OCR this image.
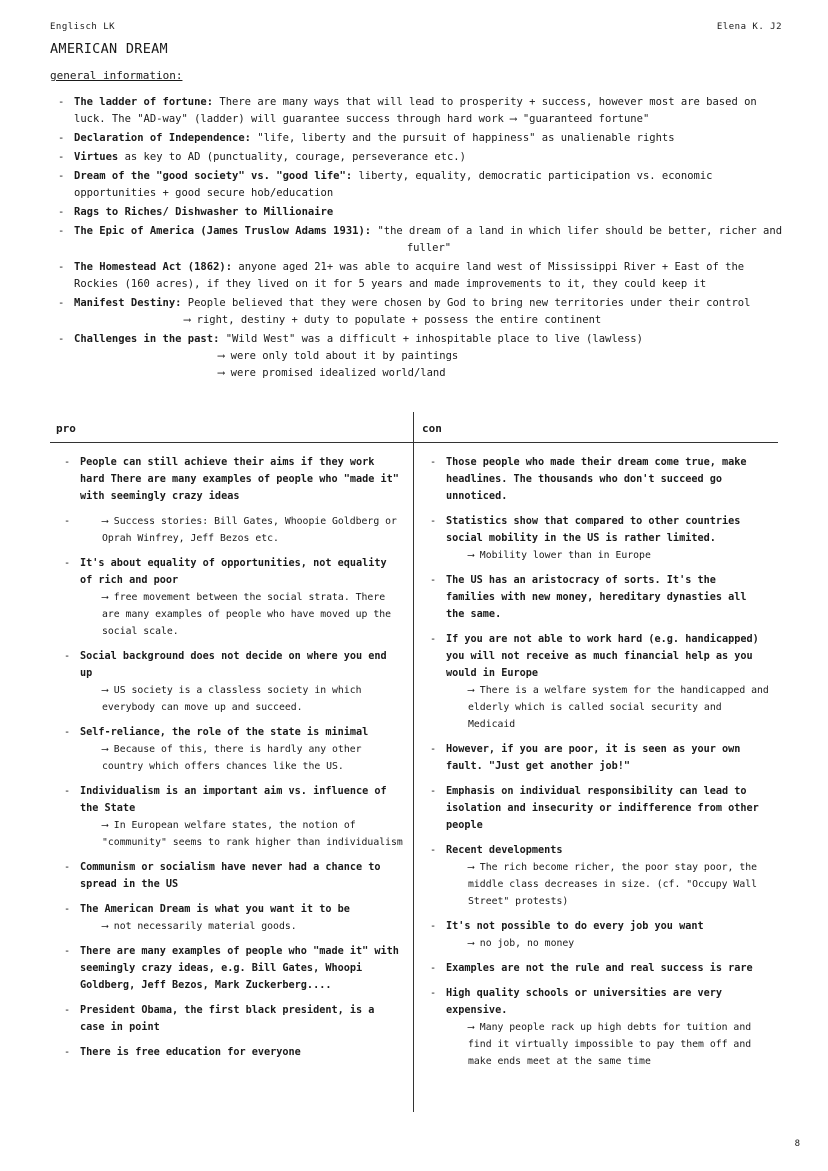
Englisch LK	Elena K. J2
AMERICAN DREAM
general information:
- The ladder of fortune: There are many ways that will lead to prosperity + success, however most are based on luck. The "AD-way" (ladder) will guarantee success through hard work ⟶ "guaranteed fortune"
- Declaration of Independence: "life, liberty and the pursuit of happiness" as unalienable rights
- Virtues as key to AD (punctuality, courage, perseverance etc.)
- Dream of the "good society" vs. "good life": liberty, equality, democratic participation vs. economic opportunities + good secure hob/education
- Rags to Riches/ Dishwasher to Millionaire
- The Epic of America (James Truslow Adams 1931): "the dream of a land in which lifer should be better, richer and
fuller"
- The Homestead Act (1862): anyone aged 21+ was able to acquire land west of Mississippi River + East of the Rockies (160 acres), if they lived on it for 5 years and made improvements to it, they could keep it
- Manifest Destiny: People believed that they were chosen by God to bring new territories under their control
⟶ right, destiny + duty to populate + possess the entire continent
- Challenges in the past: "Wild West" was a difficult + inhospitable place to live (lawless)
⟶ were only told about it by paintings
⟶ were promised idealized world/land
pro	con
- People can still achieve their aims if they work hard There are many examples of people who "made it" with seemingly crazy ideas
- ⟶ Success stories: Bill Gates, Whoopie Goldberg or Oprah Winfrey, Jeff Bezos etc.
- It's about equality of opportunities, not equality of rich and poor
⟶ free movement between the social strata. There are many examples of people who have moved up the social scale.
- Social background does not decide on where you end up
⟶ US society is a classless society in which everybody can move up and succeed.
- Self-reliance, the role of the state is minimal
⟶ Because of this, there is hardly any other country which offers chances like the US.
- Individualism is an important aim vs. influence of the State
⟶ In European welfare states, the notion of "community" seems to rank higher than individualism
- Communism or socialism have never had a chance to spread in the US
- The American Dream is what you want it to be
⟶ not necessarily material goods.
- There are many examples of people who "made it" with seemingly crazy ideas, e.g. Bill Gates, Whoopi Goldberg, Jeff Bezos, Mark Zuckerberg....
- President Obama, the first black president, is a case in point
- There is free education for everyone
- Those people who made their dream come true, make headlines. The thousands who don't succeed go unnoticed.
- Statistics show that compared to other countries social mobility in the US is rather limited.
⟶ Mobility lower than in Europe
- The US has an aristocracy of sorts. It's the families with new money, hereditary dynasties all the same.
- If you are not able to work hard (e.g. handicapped) you will not receive as much financial help as you would in Europe
⟶ There is a welfare system for the handicapped and elderly which is called social security and Medicaid
- However, if you are poor, it is seen as your own fault. "Just get another job!"
- Emphasis on individual responsibility can lead to isolation and insecurity or indifference from other people
- Recent developments
⟶ The rich become richer, the poor stay poor, the middle class decreases in size. (cf. "Occupy Wall Street" protests)
- It's not possible to do every job you want
⟶ no job, no money
- Examples are not the rule and real success is rare
- High quality schools or universities are very expensive.
⟶ Many people rack up high debts for tuition and find it virtually impossible to pay them off and make ends meet at the same time
8
